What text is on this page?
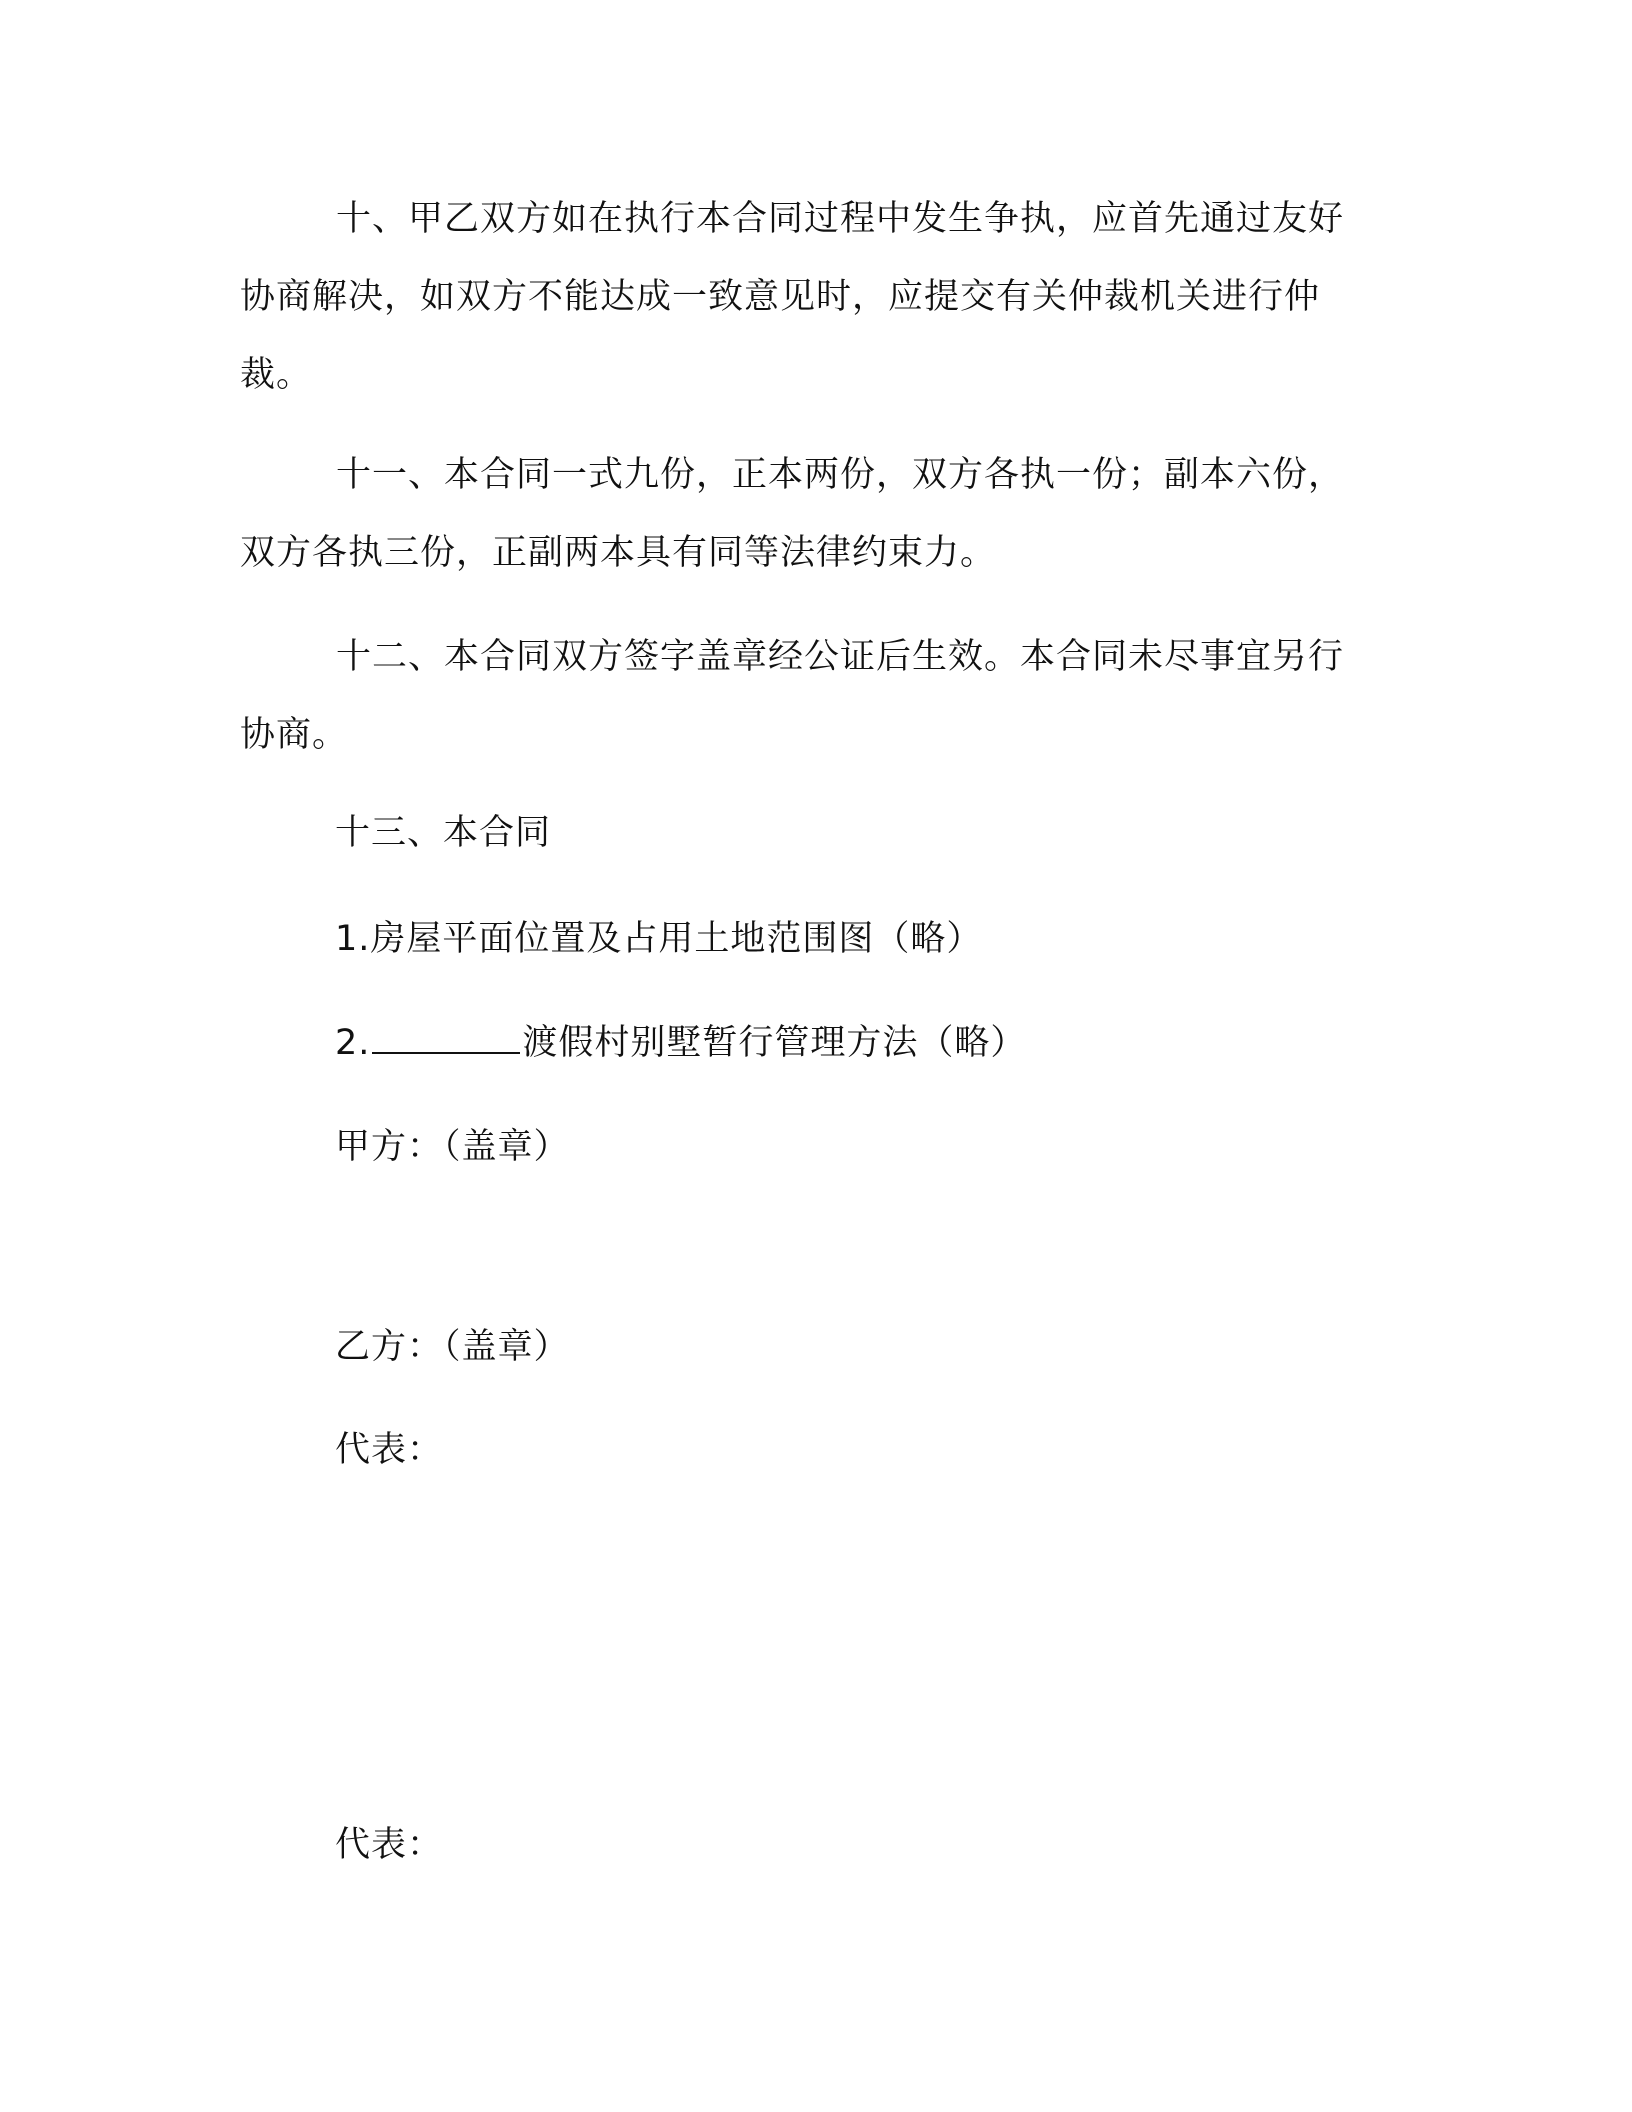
十、甲乙双方如在执行本合同过程中发生争执，应首先通过友好协商解决，如双方不能达成一致意见时，应提交有关仲裁机关进行仲裁。

十一、本合同一式九份，正本两份，双方各执一份；副本六份，双方各执三份，正副两本具有同等法律约束力。

十二、本合同双方签字盖章经公证后生效。本合同未尽事宜另行协商。

十三、本合同

1.房屋平面位置及占用土地范围图（略）

2.	渡假村别墅暂行管理方法（略）

甲方：（盖章）

乙方：（盖章）

代表：

代表：
